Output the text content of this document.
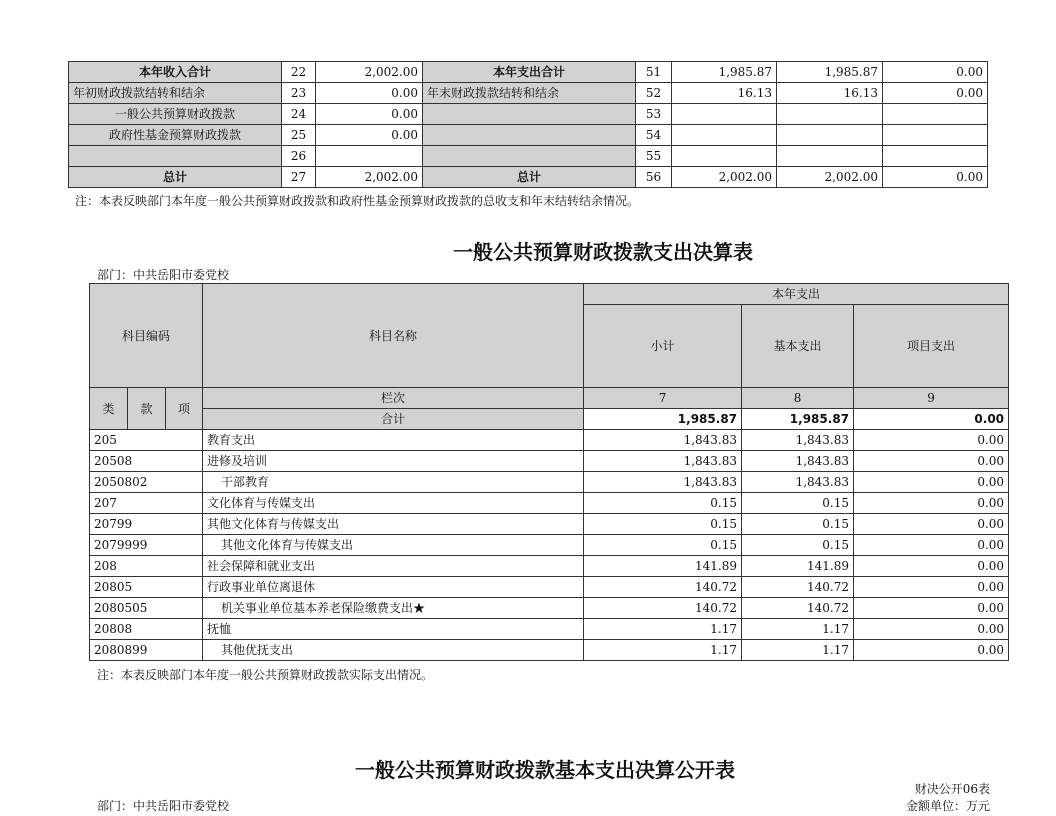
本年收入合计	22	2,002.00	本年支出合计	51	1,985.87	1,985.87	0.00
年初财政拨款结转和结余	23	0.00	年末财政拨款结转和结余	52	16.13	16.13	0.00
一般公共预算财政拨款	24	0.00		53			
政府性基金预算财政拨款	25	0.00		54			
	26			55			
总计	27	2,002.00	总计	56	2,002.00	2,002.00	0.00
注：本表反映部门本年度一般公共预算财政拨款和政府性基金预算财政拨款的总收支和年末结转结余情况。
一般公共预算财政拨款支出决算表
部门：中共岳阳市委党校
科目编码			科目名称	本年支出		
				小计	基本支出	项目支出
类	款	项	栏次	7	8	9
			合计	1,985.87	1,985.87	0.00
205			教育支出	1,843.83	1,843.83	0.00
20508			进修及培训	1,843.83	1,843.83	0.00
2050802			干部教育	1,843.83	1,843.83	0.00
207			文化体育与传媒支出	0.15	0.15	0.00
20799			其他文化体育与传媒支出	0.15	0.15	0.00
2079999			其他文化体育与传媒支出	0.15	0.15	0.00
208			社会保障和就业支出	141.89	141.89	0.00
20805			行政事业单位离退休	140.72	140.72	0.00
2080505			机关事业单位基本养老保险缴费支出★	140.72	140.72	0.00
20808			抚恤	1.17	1.17	0.00
2080899			其他优抚支出	1.17	1.17	0.00
注：本表反映部门本年度一般公共预算财政拨款实际支出情况。
一般公共预算财政拨款基本支出决算公开表
财决公开06表
部门：中共岳阳市委党校	金额单位：万元
